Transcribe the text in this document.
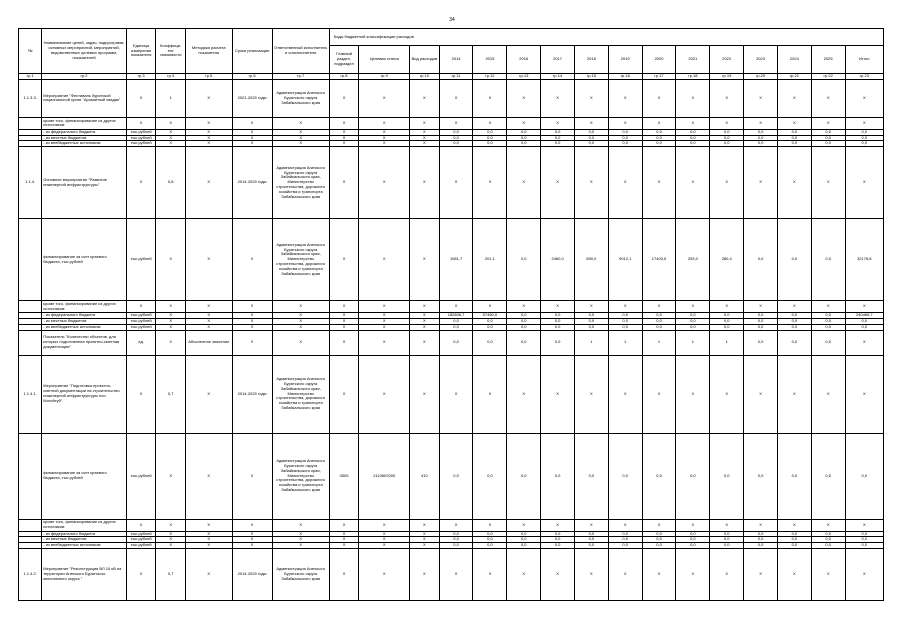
34
№	Наименование целей, задач, подпрограмм, основных мероприятий, мероприятий, ведомственных целевых программ, показателей	Единица измерения показателя	Коэффици-ент значимости	Методика расчета показателя	Сроки реализации	Ответственный исполнитель и соисполнители	Коды бюджетной классификации расходов															
							Главный раздел, подраздел	Целевая статья	Вид расходов	2014	2015	2016	2017	2018	2019	2020	2021	2022	2023	2024	2025	Итого
гр.1	гр.2	гр.3	гр.4	гр.5	гр.6	гр.7	гр.8	гр.9	гр.10	гр.11	гр.12	гр.13	гр.14	гр.15	гр.16	гр.17	гр.18	гр.19	гр.20	гр.21	гр.22	гр.23
1.1.3.3.	Мероприятие "Фестиваль бурятской национальной кухни "Ароматный хаадак"	Х	1	Х	2021-2025 годы	Администрация Агинского Бурятского округа Забайкальского края	Х	Х	Х	Х	Х	Х	Х	Х	Х	Х	Х	Х	Х	Х	Х	Х
	кроме того, финансирование из других источников:	Х	Х	Х	Х	Х	Х	Х	Х	Х	Х	Х	Х	Х	Х	Х	Х	Х	Х	Х	Х	Х
	- из федерального бюджета	тыс.рублей	Х	Х	Х	Х	Х	Х	Х	0,0	0,0	0,0	0,0	0,0	0,0	0,0	0,0	0,0	0,0	0,0	0,0	0,0
	- из местных бюджетов	тыс.рублей	Х	Х	Х	Х	Х	Х	Х	0,0	0,0	0,0	0,0	0,0	0,0	0,0	0,0	0,0	0,0	0,0	0,0	0,0
	- из внебюджетных источников	тыс.рублей	Х	Х	Х	Х	Х	Х	Х	0,0	0,0	0,0	0,0	0,0	0,0	0,0	0,0	0,0	0,0	0,0	0,0	0,0
1.1.4.	Основное мероприятие "Развитие инженерной инфраструктуры"	Х	0,8	Х	2014-2025 годы	Администрация Агинского Бурятского округа Забайкальского края, Министерство строительства, дорожного хозяйства и транспорта Забайкальского края	Х	Х	Х	Х	Х	Х	Х	Х	Х	Х	Х	Х	Х	Х	Х	Х
	финансирование за счет краевого бюджета, тыс.рублей	тыс.рублей	Х	Х	Х	Администрация Агинского Бурятского округа Забайкальского края, Министерство строительства, дорожного хозяйства и транспорта Забайкальского края	Х	Х	Х	1081,7	201,1	0,0	2460,0	890,0	9012,1	17400,5	253,0	280,4	0,0	0,0	0,0	32178,8
	кроме того, финансирование из других источников:	Х	Х	Х	Х	Х	Х	Х	Х	Х	Х	Х	Х	Х	Х	Х	Х	Х	Х	Х	Х	Х
	- из федерального бюджета	тыс.рублей	Х	Х	Х	Х	Х	Х	Х	182806,7	57460,0	0,0	0,0	0,0	0,0	0,0	0,0	0,0	0,0	0,0	0,0	240466,7
	- из местных бюджетов	тыс.рублей	Х	Х	Х	Х	Х	Х	Х	0,0	0,0	0,0	0,0	0,0	0,0	0,0	0,0	0,0	0,0	0,0	0,0	0,0
	- из внебюджетных источников	тыс.рублей	Х	Х	Х	Х	Х	Х	Х	0,0	0,0	0,0	0,0	0,0	0,0	0,0	0,0	0,0	0,0	0,0	0,0	0,0
	Показатель "Количество объектов, для которых подготовлена проектно-сметная документация"	ед.	Х	Абсолютное значение	Х	Х	Х	Х	Х	0,0	0,0	0,0	0,0	1	1	1	1	1	0,0	0,0	0,0	Х
1.1.4.1.	Мероприятие "Подготовка проектно-сметной документации на строительство инженерной инфраструктуры пос. Могойтуй"	Х	0,7	Х	2014-2025 годы	Администрация Агинского Бурятского округа Забайкальского края, Министерство строительства, дорожного хозяйства и транспорта Забайкальского края	Х	Х	Х	Х	Х	Х	Х	Х	Х	Х	Х	Х	Х	Х	Х	Х
	финансирование за счет краевого бюджета, тыс.рублей	тыс.рублей	Х	Х	Х	Администрация Агинского Бурятского округа Забайкальского края, Министерство строительства, дорожного хозяйства и транспорта Забайкальского края	0505	2110602000	410	0,0	0,0	0,0	0,0	0,0	0,0	0,0	0,0	0,0	0,0	0,0	0,0	0,0
	кроме того, финансирование из других источников:	Х	Х	Х	Х	Х	Х	Х	Х	Х	Х	Х	Х	Х	Х	Х	Х	Х	Х	Х	Х	Х
	- из федерального бюджета	тыс.рублей	Х	Х	Х	Х	Х	Х	Х	0,0	0,0	0,0	0,0	0,0	0,0	0,0	0,0	0,0	0,0	0,0	0,0	0,0
	- из местных бюджетов	тыс.рублей	Х	Х	Х	Х	Х	Х	Х	0,0	0,0	0,0	0,0	0,0	0,0	0,0	0,0	0,0	0,0	0,0	0,0	0,0
	- из внебюджетных источников	тыс.рублей	Х	Х	Х	Х	Х	Х	Х	0,0	0,0	0,0	0,0	0,0	0,0	0,0	0,0	0,0	0,0	0,0	0,0	0,0
1.1.4.2.	Мероприятие "Реконструкция ВЛ 10 кВ на территории Агинского Бурятского автономного округа "	Х	0,7	Х	2014-2025 годы	Администрация Агинского Бурятского округа Забайкальского края	Х	Х	Х	Х	Х	Х	Х	Х	Х	Х	Х	Х	Х	Х	Х	Х
